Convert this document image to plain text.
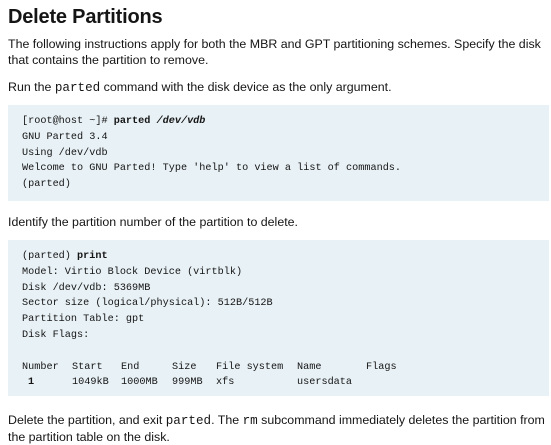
Delete Partitions
The following instructions apply for both the MBR and GPT partitioning schemes. Specify the disk that contains the partition to remove.
Run the parted command with the disk device as the only argument.
[root@host ~]# parted /dev/vdb
GNU Parted 3.4
Using /dev/vdb
Welcome to GNU Parted! Type 'help' to view a list of commands.
(parted)
Identify the partition number of the partition to delete.
(parted) print
Model: Virtio Block Device (virtblk)
Disk /dev/vdb: 5369MB
Sector size (logical/physical): 512B/512B
Partition Table: gpt
Disk Flags:
Number Start End	Size File system Name	Flags
1	1049kB 1000MB 999MB xfs	usersdata
Delete the partition, and exit parted. The rm subcommand immediately deletes the partition from the partition table on the disk.
